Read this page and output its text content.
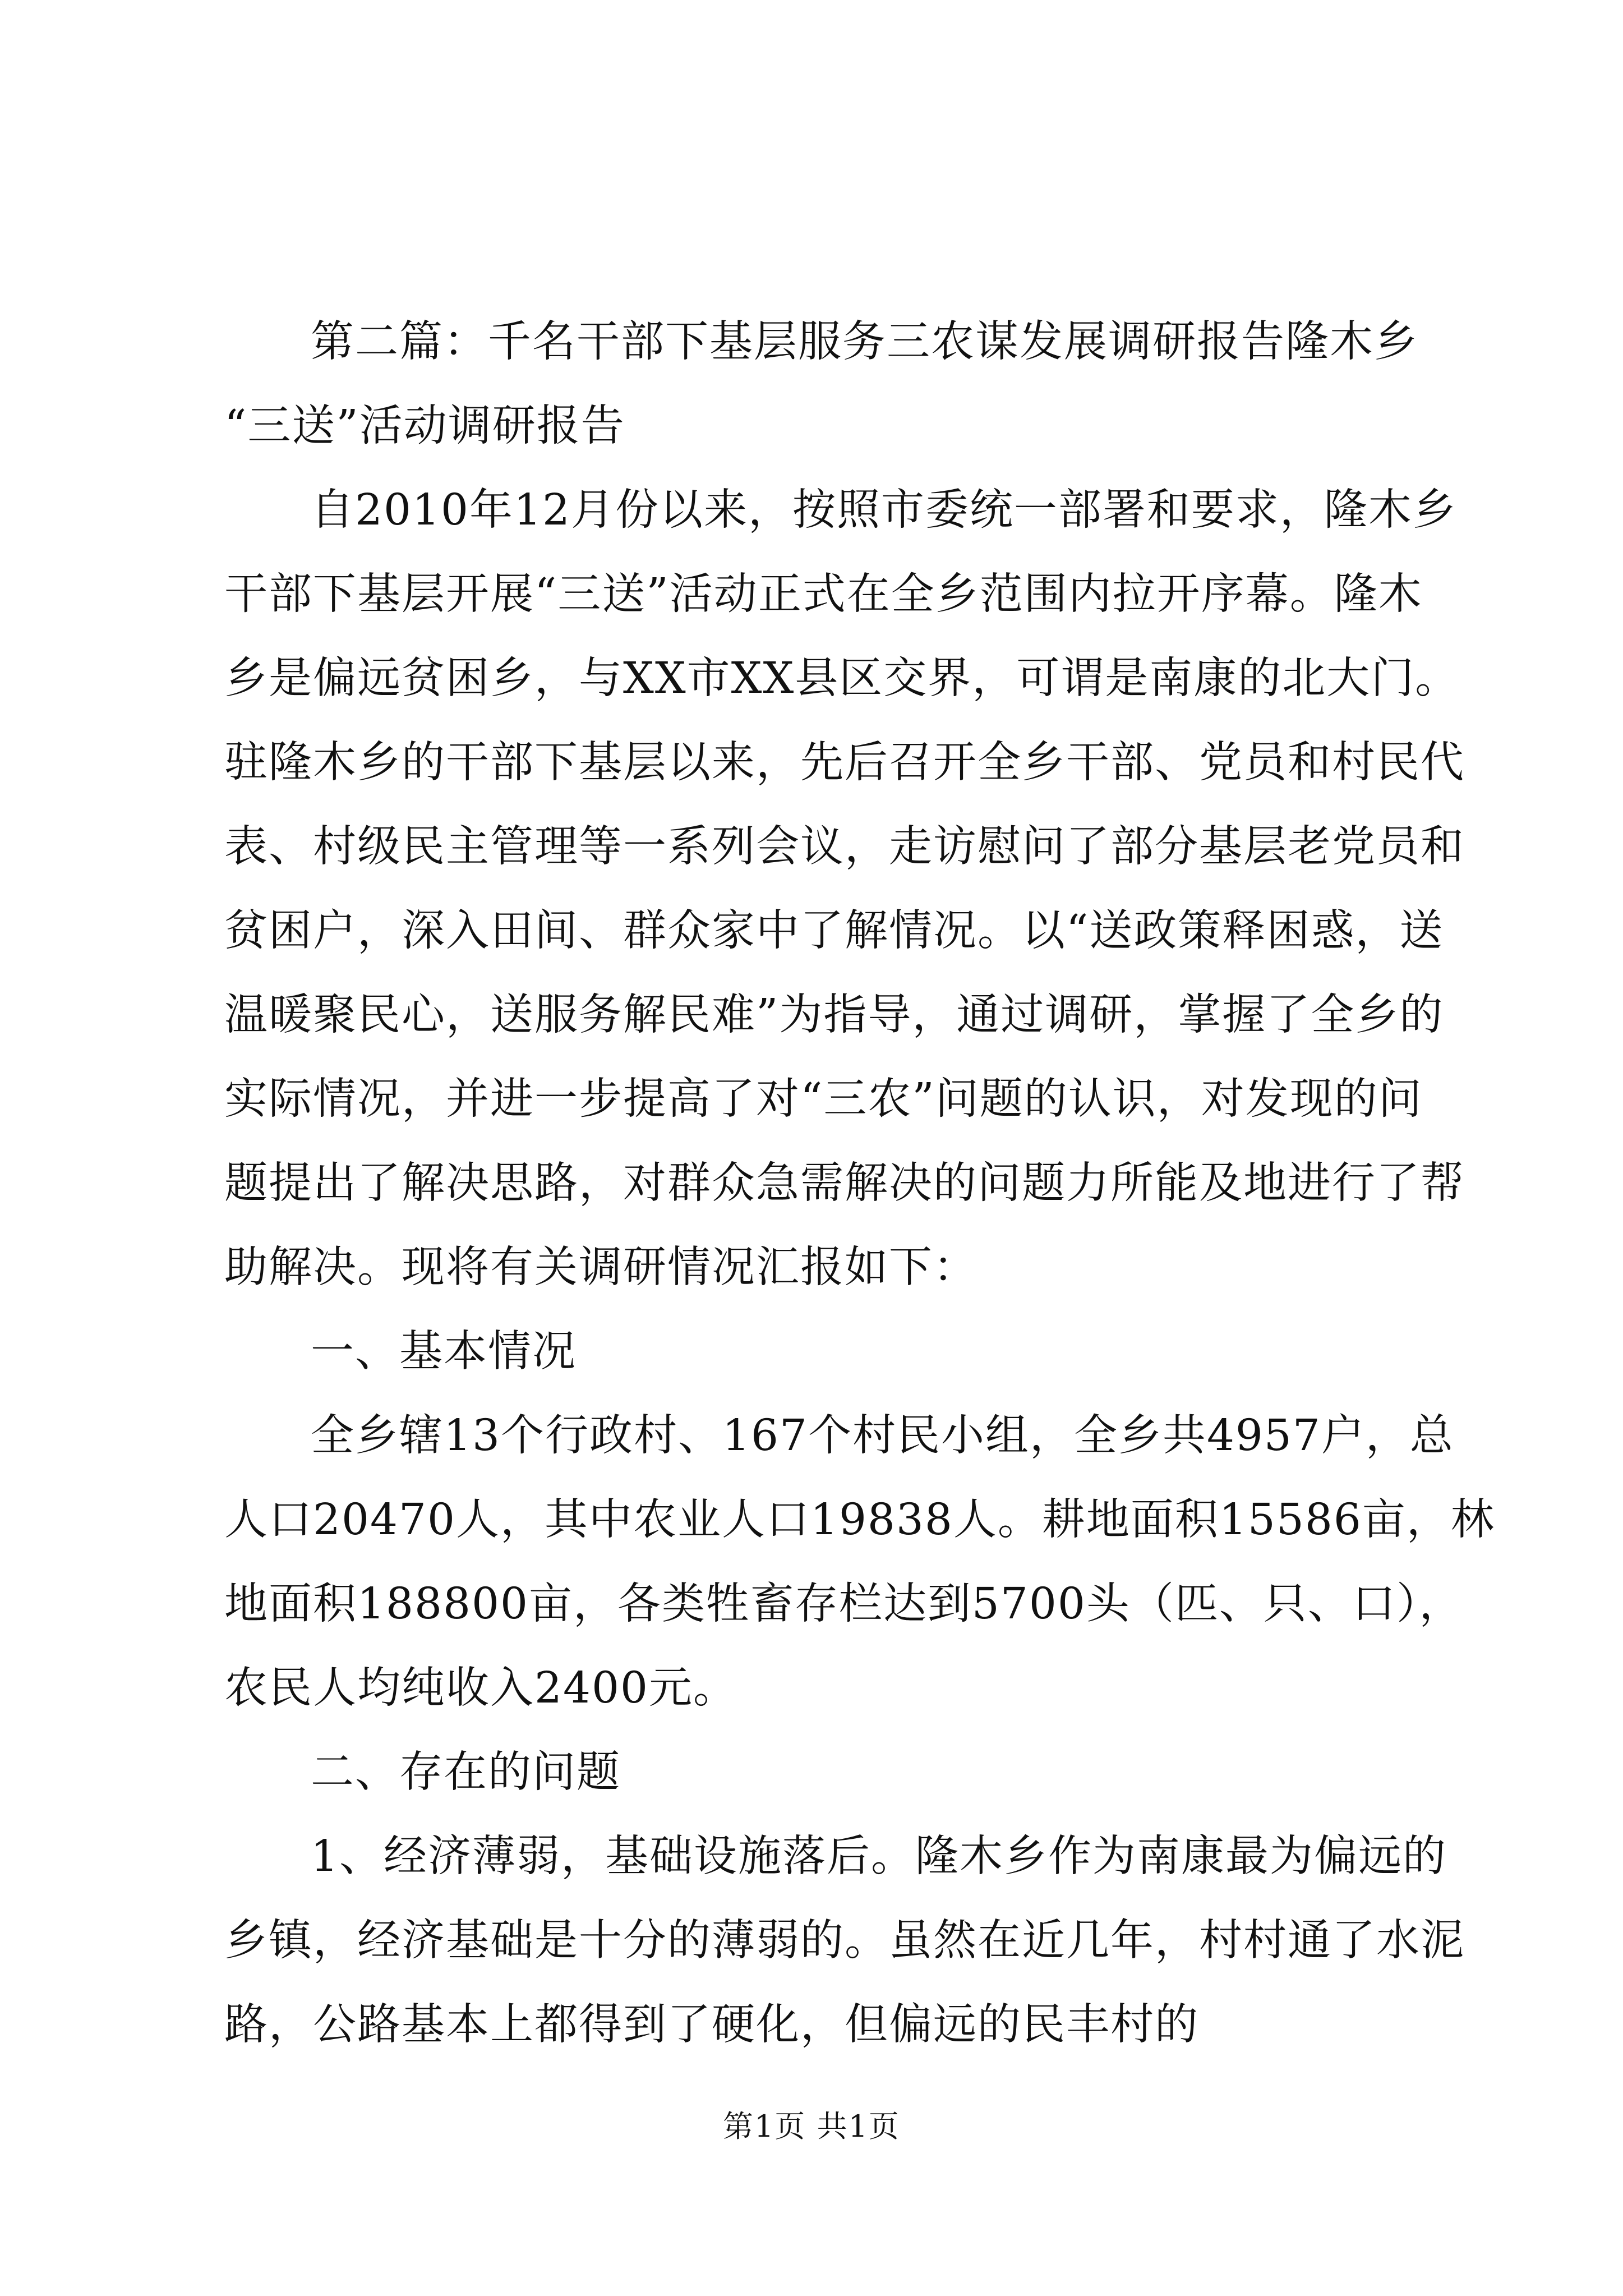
第二篇：千名干部下基层服务三农谋发展调研报告隆木乡
“三送”活动调研报告
自2010年12月份以来，按照市委统一部署和要求，隆木乡
干部下基层开展“三送”活动正式在全乡范围内拉开序幕。隆木
乡是偏远贫困乡，与XX市XX县区交界，可谓是南康的北大门。
驻隆木乡的干部下基层以来，先后召开全乡干部、党员和村民代
表、村级民主管理等一系列会议，走访慰问了部分基层老党员和
贫困户，深入田间、群众家中了解情况。以“送政策释困惑，送
温暖聚民心，送服务解民难”为指导，通过调研，掌握了全乡的
实际情况，并进一步提高了对“三农”问题的认识，对发现的问
题提出了解决思路，对群众急需解决的问题力所能及地进行了帮
助解决。现将有关调研情况汇报如下：
一、基本情况
全乡辖13个行政村、167个村民小组，全乡共4957户，总
人口20470人，其中农业人口19838人。耕地面积15586亩，林
地面积188800亩，各类牲畜存栏达到5700头（匹、只、口），
农民人均纯收入2400元。
二、存在的问题
1、经济薄弱，基础设施落后。隆木乡作为南康最为偏远的
乡镇，经济基础是十分的薄弱的。虽然在近几年，村村通了水泥
路，公路基本上都得到了硬化，但偏远的民丰村的
第1页 共1页
